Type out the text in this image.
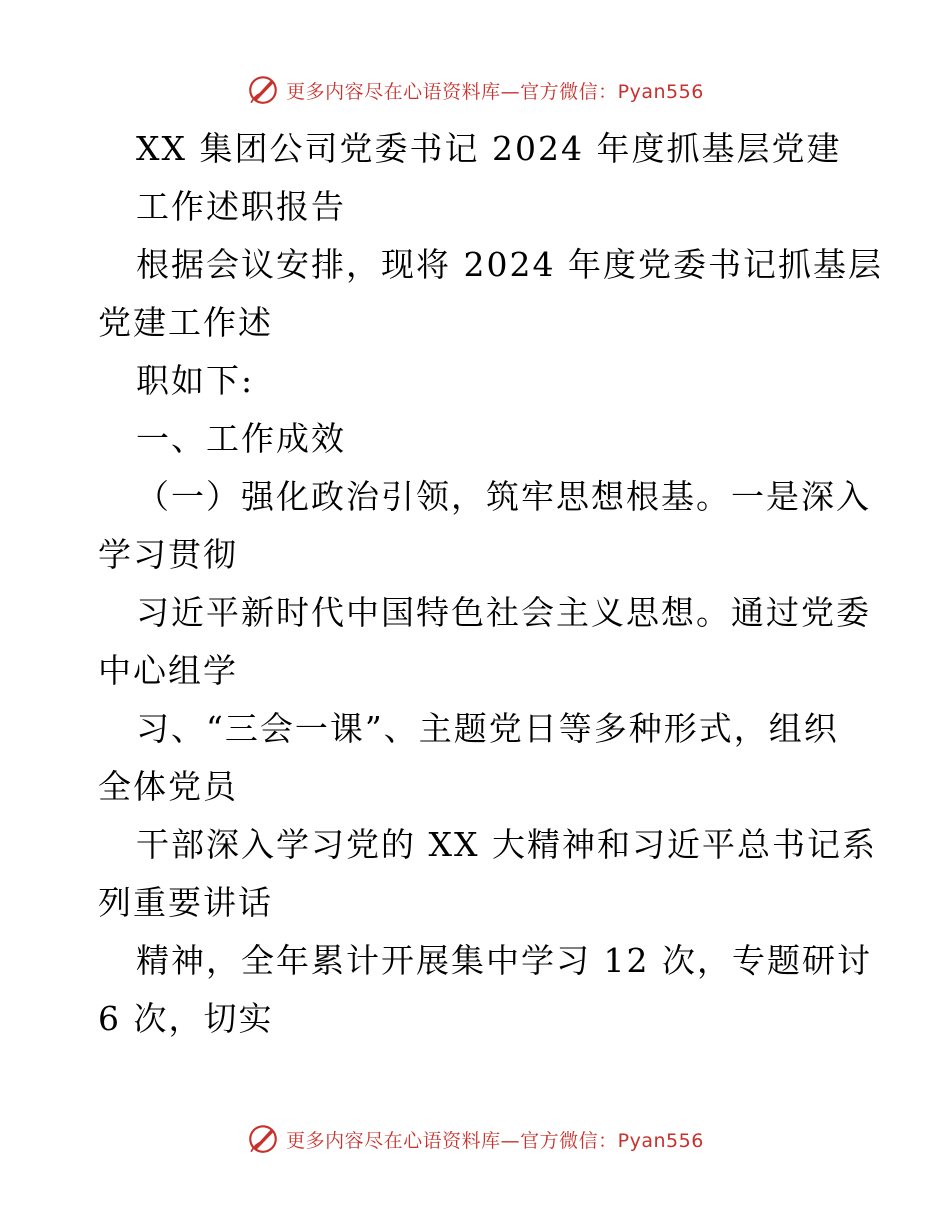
更多内容尽在心语资料库—官方微信：Pyan556
XX 集团公司党委书记 2024 年度抓基层党建
工作述职报告
根据会议安排，现将 2024 年度党委书记抓基层
党建工作述
职如下:
一、工作成效
（一）强化政治引领，筑牢思想根基。一是深入
学习贯彻
习近平新时代中国特色社会主义思想。通过党委
中心组学
习、“三会一课”、主题党日等多种形式，组织
全体党员
干部深入学习党的 XX 大精神和习近平总书记系
列重要讲话
精神，全年累计开展集中学习 12 次，专题研讨
6 次，切实
更多内容尽在心语资料库—官方微信：Pyan556
